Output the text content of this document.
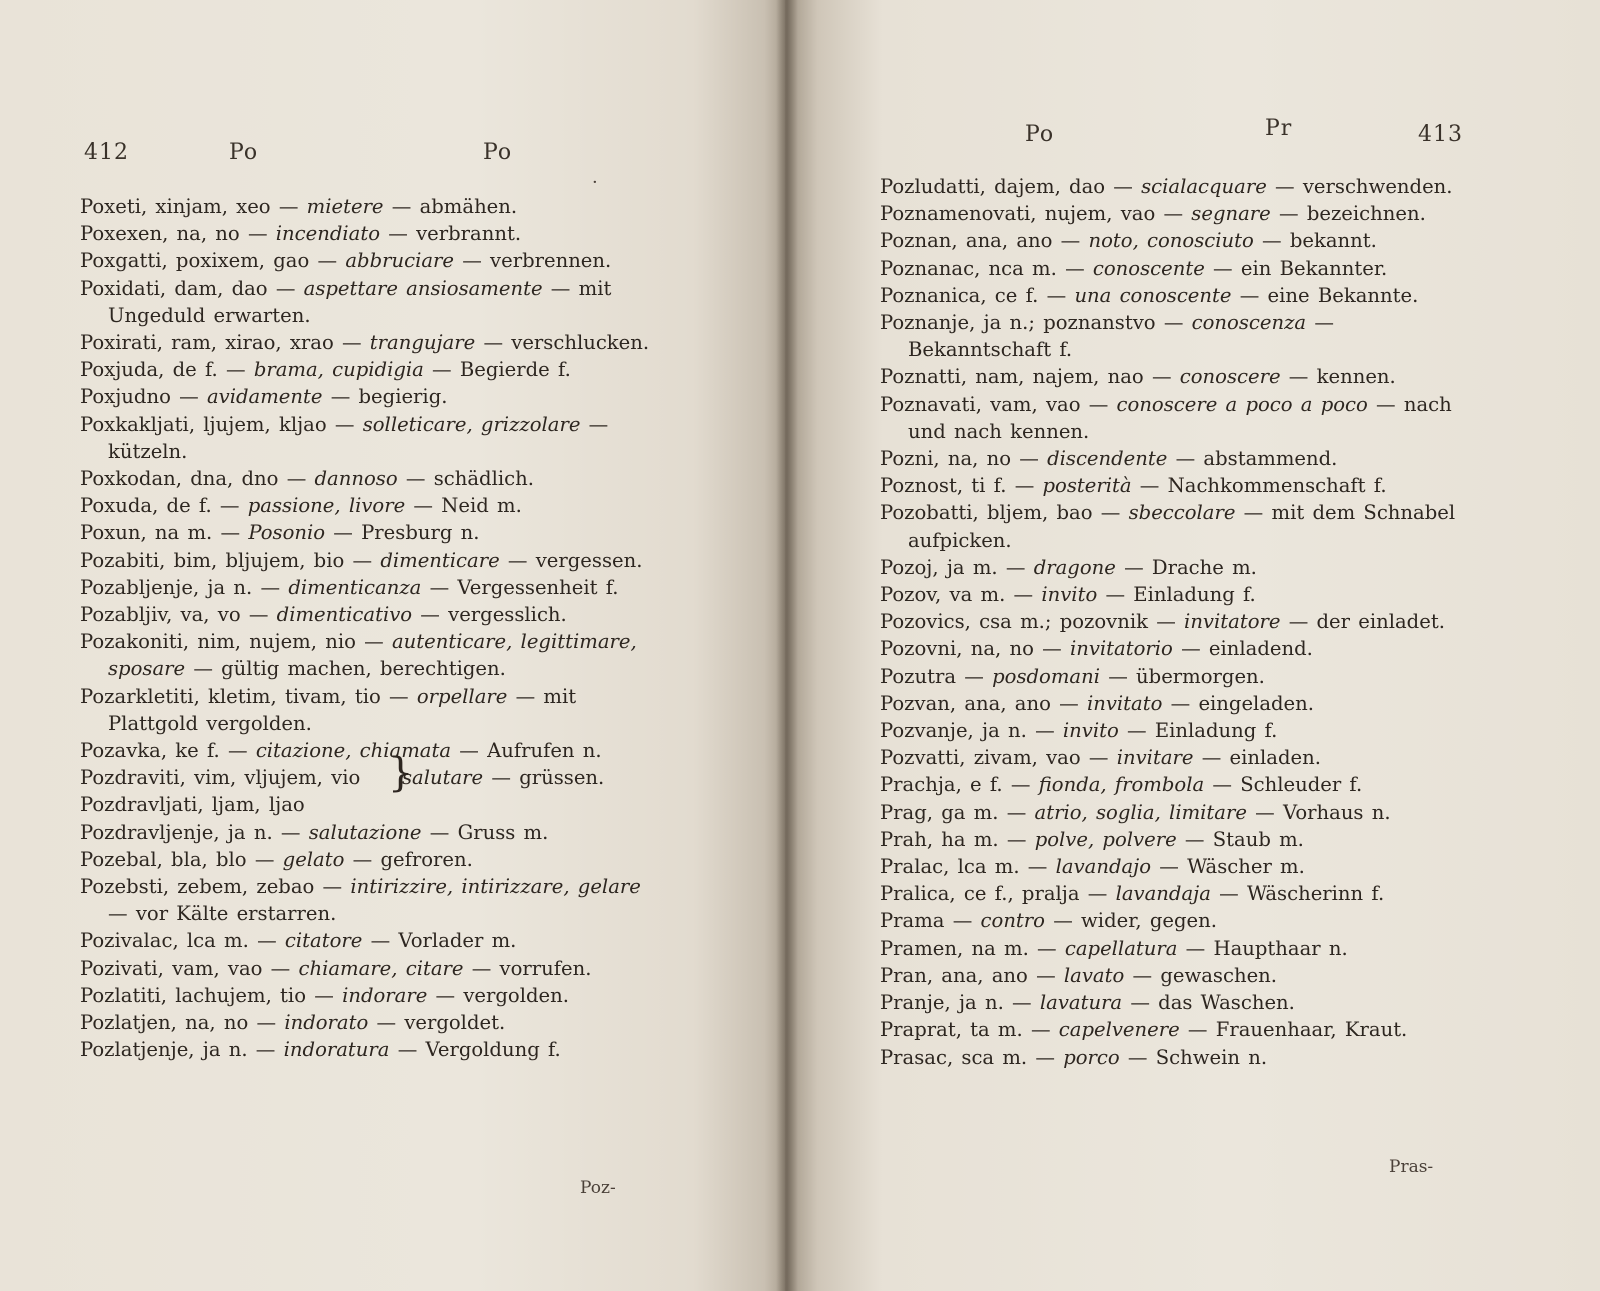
412	Po	Po
·

Poxeti, xinjam, xeo — mietere — abmähen.

Poxexen, na, no — incendiato — verbrannt.

Poxgatti, poxixem, gao — abbruciare — verbrennen.

Poxidati, dam, dao — aspettare ansiosamente — mit Ungeduld erwarten.

Poxirati, ram, xirao, xrao — trangujare — verschlucken.

Poxjuda, de f. — brama, cupidigia — Begierde f.

Poxjudno — avidamente — begierig.

Poxkakljati, ljujem, kljao — solleticare, grizzolare — kützeln.

Poxkodan, dna, dno — dannoso — schädlich.

Poxuda, de f. — passione, livore — Neid m.

Poxun, na m. — Posonio — Presburg n.

Pozabiti, bim, bljujem, bio — dimenticare — vergessen.

Pozabljenje, ja n. — dimenticanza — Vergessenheit f.

Pozabljiv, va, vo — dimenticativo — vergesslich.

Pozakoniti, nim, nujem, nio — autenticare, legittimare, sposare — gültig machen, berechtigen.

Pozarkletiti, kletim, tivam, tio — orpellare — mit Plattgold vergolden.

Pozavka, ke f. — citazione, chiamata — Aufrufen n.

Pozdraviti, vim, vljujem, vio }
salutare — grüssen.

Pozdravljati, ljam, ljao

Pozdravljenje, ja n. — salutazione — Gruss m.

Pozebal, bla, blo — gelato — gefroren.

Pozebsti, zebem, zebao — intirizzire, intirizzare, gelare — vor Kälte erstarren.

Pozivalac, lca m. — citatore — Vorlader m.

Pozivati, vam, vao — chiamare, citare — vorrufen.

Pozlatiti, lachujem, tio — indorare — vergolden.

Pozlatjen, na, no — indorato — vergoldet.

Pozlatjenje, ja n. — indoratura — Vergoldung f.

Poz-
Po	Pr	413

Pozludatti, dajem, dao — scialacquare — verschwenden.

Poznamenovati, nujem, vao — segnare — bezeichnen.

Poznan, ana, ano — noto, conosciuto — bekannt.

Poznanac, nca m. — conoscente — ein Bekannter.

Poznanica, ce f. — una conoscente — eine Bekannte.

Poznanje, ja n.; poznanstvo — conoscenza — Bekanntschaft f.

Poznatti, nam, najem, nao — conoscere — kennen.

Poznavati, vam, vao — conoscere a poco a poco — nach und nach kennen.

Pozni, na, no — discendente — abstammend.

Poznost, ti f. — posterità — Nachkommenschaft f.

Pozobatti, bljem, bao — sbeccolare — mit dem Schnabel aufpicken.

Pozoj, ja m. — dragone — Drache m.

Pozov, va m. — invito — Einladung f.

Pozovics, csa m.; pozovnik — invitatore — der einladet.

Pozovni, na, no — invitatorio — einladend.

Pozutra — posdomani — übermorgen.

Pozvan, ana, ano — invitato — eingeladen.

Pozvanje, ja n. — invito — Einladung f.

Pozvatti, zivam, vao — invitare — einladen.

Prachja, e f. — fionda, frombola — Schleuder f.

Prag, ga m. — atrio, soglia, limitare — Vorhaus n.

Prah, ha m. — polve, polvere — Staub m.

Pralac, lca m. — lavandajo — Wäscher m.

Pralica, ce f., pralja — lavandaja — Wäscherinn f.

Prama — contro — wider, gegen.

Pramen, na m. — capellatura — Haupthaar n.

Pran, ana, ano — lavato — gewaschen.

Pranje, ja n. — lavatura — das Waschen.

Praprat, ta m. — capelvenere — Frauenhaar, Kraut.

Prasac, sca m. — porco — Schwein n.

Pras-
